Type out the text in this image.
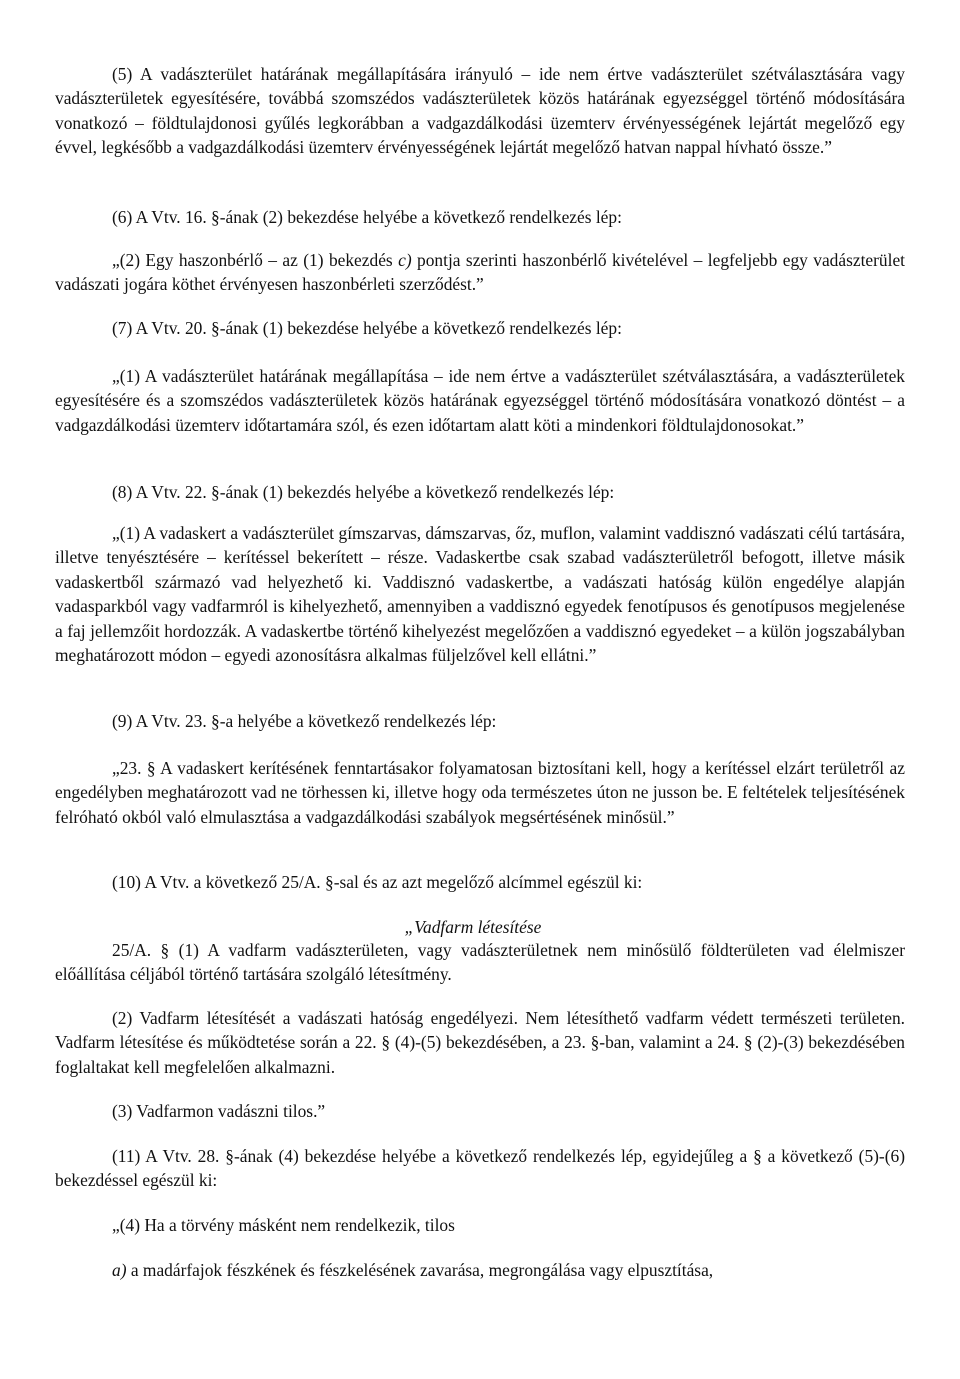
(5) A vadászterület határának megállapítására irányuló – ide nem értve vadászterület szétválasztására vagy vadászterületek egyesítésére, továbbá szomszédos vadászterületek közös határának egyezséggel történő módosítására vonatkozó – földtulajdonosi gyűlés legkorábban a vadgazdálkodási üzemterv érvényességének lejártát megelőző egy évvel, legkésőbb a vadgazdálkodási üzemterv érvényességének lejártát megelőző hatvan nappal hívható össze.”

(6) A Vtv. 16. §-ának (2) bekezdése helyébe a következő rendelkezés lép:

„(2) Egy haszonbérlő – az (1) bekezdés c) pontja szerinti haszonbérlő kivételével – legfeljebb egy vadászterület vadászati jogára köthet érvényesen haszonbérleti szerződést.”

(7) A Vtv. 20. §-ának (1) bekezdése helyébe a következő rendelkezés lép:

„(1) A vadászterület határának megállapítása – ide nem értve a vadászterület szétválasztására, a vadászterületek egyesítésére és a szomszédos vadászterületek közös határának egyezséggel történő módosítására vonatkozó döntést – a vadgazdálkodási üzemterv időtartamára szól, és ezen időtartam alatt köti a mindenkori földtulajdonosokat.”

(8) A Vtv. 22. §-ának (1) bekezdés helyébe a következő rendelkezés lép:

„(1) A vadaskert a vadászterület gímszarvas, dámszarvas, őz, muflon, valamint vaddisznó vadászati célú tartására, illetve tenyésztésére – kerítéssel bekerített – része. Vadaskertbe csak szabad vadászterületről befogott, illetve másik vadaskertből származó vad helyezhető ki. Vaddisznó vadaskertbe, a vadászati hatóság külön engedélye alapján vadasparkból vagy vadfarmról is kihelyezhető, amennyiben a vaddisznó egyedek fenotípusos és genotípusos megjelenése a faj jellemzőit hordozzák. A vadaskertbe történő kihelyezést megelőzően a vaddisznó egyedeket – a külön jogszabályban meghatározott módon – egyedi azonosításra alkalmas füljelzővel kell ellátni.”

(9) A Vtv. 23. §-a helyébe a következő rendelkezés lép:

„23. § A vadaskert kerítésének fenntartásakor folyamatosan biztosítani kell, hogy a kerítéssel elzárt területről az engedélyben meghatározott vad ne törhessen ki, illetve hogy oda természetes úton ne jusson be. E feltételek teljesítésének felróható okból való elmulasztása a vadgazdálkodási szabályok megsértésének minősül.”

(10) A Vtv. a következő 25/A. §-sal és az azt megelőző alcímmel egészül ki:

„Vadfarm létesítése

25/A. § (1) A vadfarm vadászterületen, vagy vadászterületnek nem minősülő földterületen vad élelmiszer előállítása céljából történő tartására szolgáló létesítmény.

(2) Vadfarm létesítését a vadászati hatóság engedélyezi. Nem létesíthető vadfarm védett természeti területen. Vadfarm létesítése és működtetése során a 22. § (4)-(5) bekezdésében, a 23. §-ban, valamint a 24. § (2)-(3) bekezdésében foglaltakat kell megfelelően alkalmazni.

(3) Vadfarmon vadászni tilos.”

(11) A Vtv. 28. §-ának (4) bekezdése helyébe a következő rendelkezés lép, egyidejűleg a § a következő (5)-(6) bekezdéssel egészül ki:

„(4) Ha a törvény másként nem rendelkezik, tilos

a) a madárfajok fészkének és fészkelésének zavarása, megrongálása vagy elpusztítása,
